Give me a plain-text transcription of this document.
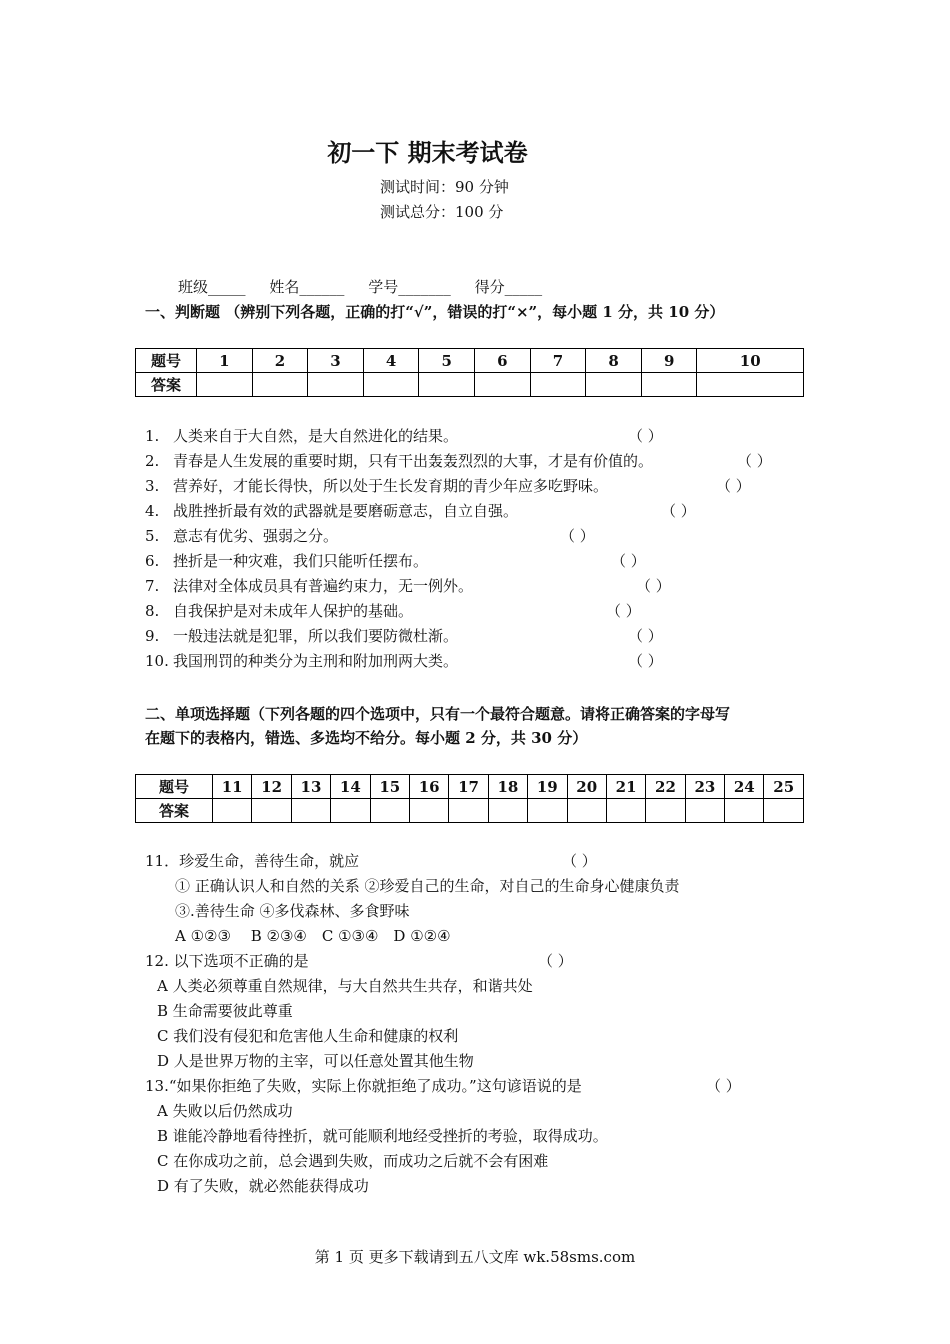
初一下 期末考试卷
测试时间：90 分钟
测试总分：100 分
班级_____ 姓名______ 学号_______ 得分_____
一、判断题 （辨别下列各题，正确的打“√”，错误的打“×”，每小题 1 分，共 10 分）
题号	1	2	3	4	5	6	7	8	9	10
答案										
1. 人类来自于大自然，是大自然进化的结果。	（ ）
2. 青春是人生发展的重要时期，只有干出轰轰烈烈的大事，才是有价值的。	（ ）
3. 营养好，才能长得快，所以处于生长发育期的青少年应多吃野味。	（ ）
4. 战胜挫折最有效的武器就是要磨砺意志，自立自强。	（ ）
5. 意志有优劣、强弱之分。	（ ）
6. 挫折是一种灾难，我们只能听任摆布。	（ ）
7. 法律对全体成员具有普遍约束力，无一例外。	（ ）
8. 自我保护是对未成年人保护的基础。	（ ）
9. 一般违法就是犯罪，所以我们要防微杜渐。	（ ）
10. 我国刑罚的种类分为主刑和附加刑两大类。	（ ）
二、单项选择题（下列各题的四个选项中，只有一个最符合题意。请将正确答案的字母写
在题下的表格内，错选、多选均不给分。每小题 2 分，共 30 分）
题号	11	12	13	14	15	16	17	18	19	20	21	22	23	24	25
答案															
11．珍爱生命，善待生命，就应	（ ）
① 正确认识人和自然的关系 ②珍爱自己的生命，对自己的生命身心健康负责
③.善待生命 ④多伐森林、多食野味
A ①②③　 B ②③④　C ①③④　D ①②④
12. 以下选项不正确的是	（ ）
A 人类必须尊重自然规律，与大自然共生共存，和谐共处
B 生命需要彼此尊重
C 我们没有侵犯和危害他人生命和健康的权利
D 人是世界万物的主宰，可以任意处置其他生物
13.“如果你拒绝了失败，实际上你就拒绝了成功。”这句谚语说的是	（ ）
A 失败以后仍然成功
B 谁能冷静地看待挫折，就可能顺利地经受挫折的考验，取得成功。
C 在你成功之前，总会遇到失败，而成功之后就不会有困难
D 有了失败，就必然能获得成功
第 1 页 更多下载请到五八文库 wk.58sms.com
